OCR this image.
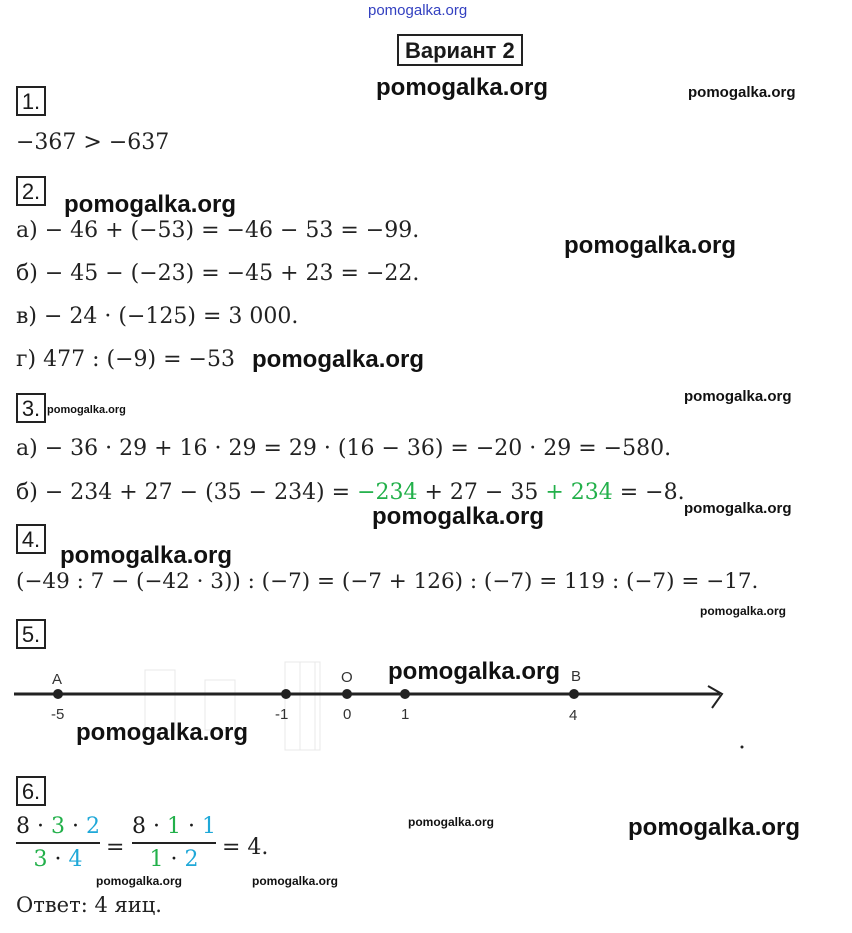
pomogalka.org
Вариант 2
1.
pomogalka.org	pomogalka.org
−367 > −637
2. pomogalka.org
а) − 46 + (−53) = −46 − 53 = −99.
pomogalka.org
б) − 45 − (−23) = −45 + 23 = −22.
в) − 24 · (−125) = 3 000.
г) 477 : (−9) = −53 pomogalka.org
3. pomogalka.org
pomogalka.org
а) − 36 · 29 + 16 · 29 = 29 · (16 − 36) = −20 · 29 = −580.
б) − 234 + 27 − (35 − 234) = −234 + 27 − 35 + 234 = −8.
pomogalka.org	pomogalka.org
4.
pomogalka.org
(−49 : 7 − (−42 · 3)) : (−7) = (−7 + 126) : (−7) = 119 : (−7) = −17.
pomogalka.org
5.
pomogalka.org
A
-5	-1
O
0	1
B
4
pomogalka.org
6.
8 · 3 · 2
3 · 4	=
8 · 1 · 1
1 · 2	= 4.
pomogalka.org	pomogalka.org
pomogalka.org	pomogalka.org
Ответ: 4 яиц.
